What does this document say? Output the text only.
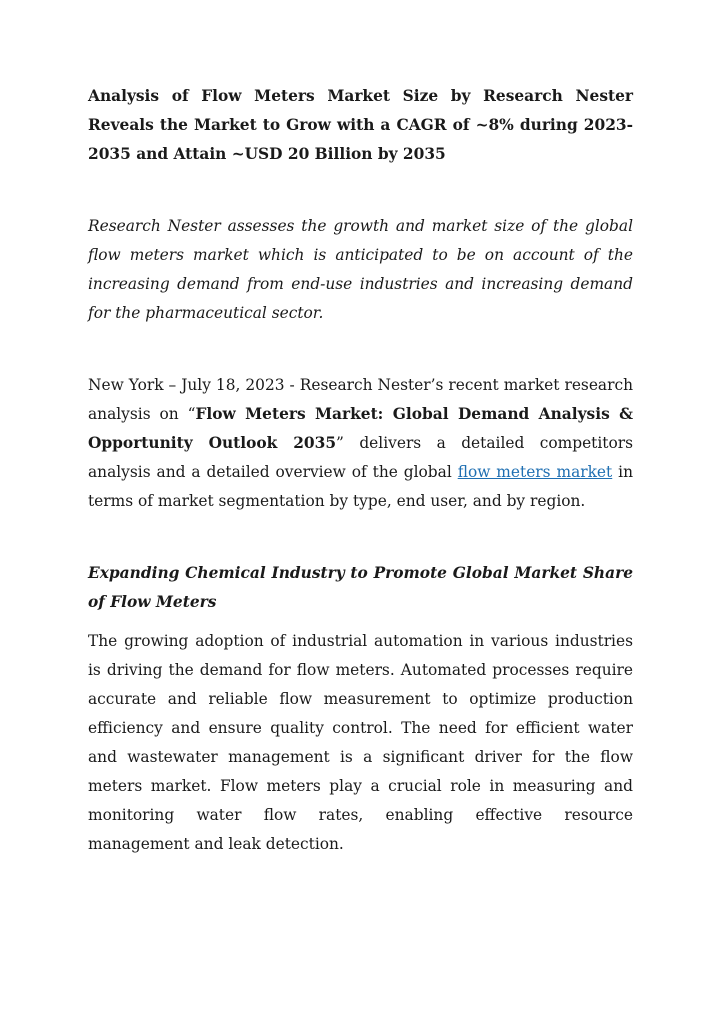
Analysis of Flow Meters Market Size by Research Nester Reveals the Market to Grow with a CAGR of ~8% during 2023-2035 and Attain ~USD 20 Billion by 2035

Research Nester assesses the growth and market size of the global flow meters market which is anticipated to be on account of the increasing demand from end-use industries and increasing demand for the pharmaceutical sector.

New York – July 18, 2023 - Research Nester’s recent market research analysis on “Flow Meters Market: Global Demand Analysis & Opportunity Outlook 2035” delivers a detailed competitors analysis and a detailed overview of the global flow meters market in terms of market segmentation by type, end user, and by region.

Expanding Chemical Industry to Promote Global Market Share of Flow Meters

The growing adoption of industrial automation in various industries is driving the demand for flow meters. Automated processes require accurate and reliable flow measurement to optimize production efficiency and ensure quality control. The need for efficient water and wastewater management is a significant driver for the flow meters market. Flow meters play a crucial role in measuring and monitoring water flow rates, enabling effective resource management and leak detection.
